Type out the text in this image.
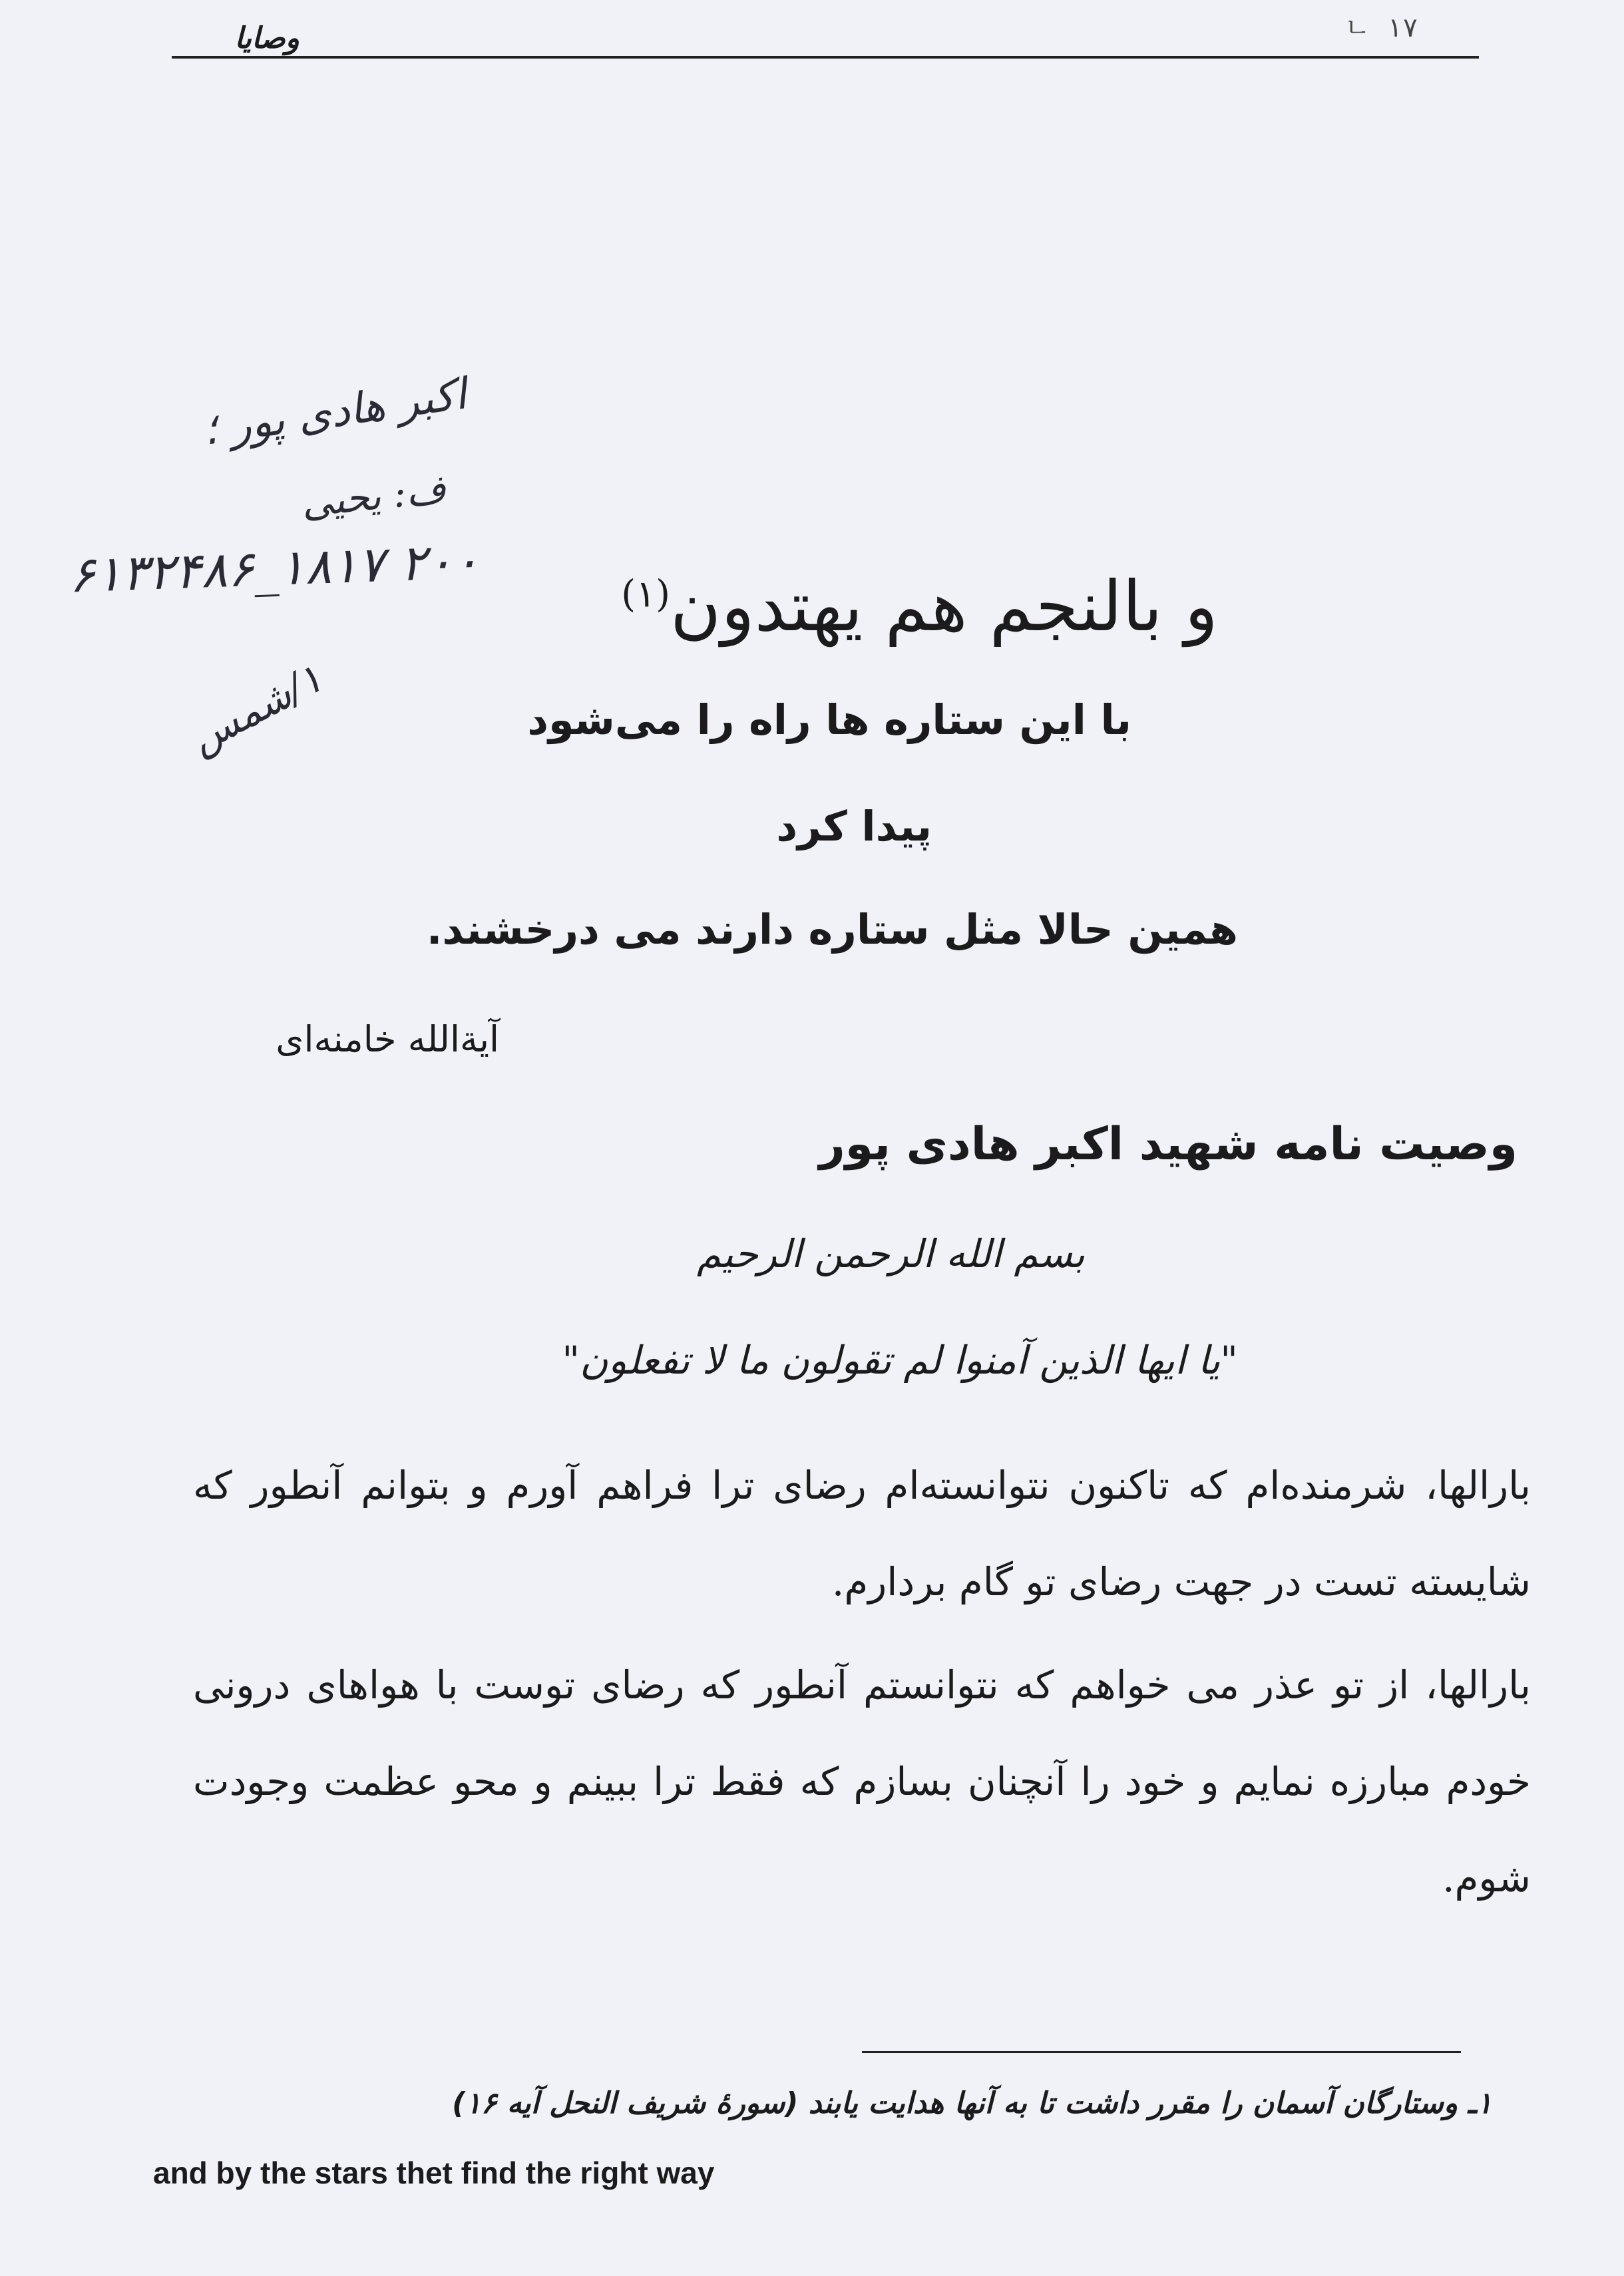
وصايا	ㄴ ١٧
اکبر هادی پور ؛
ف: یحیی
۶۱۳۲۴۸۶_۱۸۱۷ ۲۰۰
١/شمس
و بالنجم هم يهتدون$^{(١)}$
با این ستاره ها راه را می‌شود
پیدا کرد
همین حالا مثل ستاره دارند می درخشند.
آیة‌الله خامنه‌ای
وصیت نامه شهید اکبر هادی پور
بسم الله الرحمن الرحيم
"یا ایها الذین آمنوا لم تقولون ما لا تفعلون"
بارالها، شرمنده‌ام که تاکنون نتوانسته‌ام رضای ترا فراهم آورم و بتوانم آنطور که شایسته تست در جهت رضای تو گام بردارم.
بارالها، از تو عذر می خواهم که نتوانستم آنطور که رضای توست با هواهای درونی خودم مبارزه نمایم و خود را آنچنان بسازم که فقط ترا ببینم و محو عظمت وجودت شوم.
١ـ وستارگان آسمان را مقرر داشت تا به آنها هدایت یابند (سورهٔ شریف النحل آیه ١۶)
and by the stars thet find the right way
